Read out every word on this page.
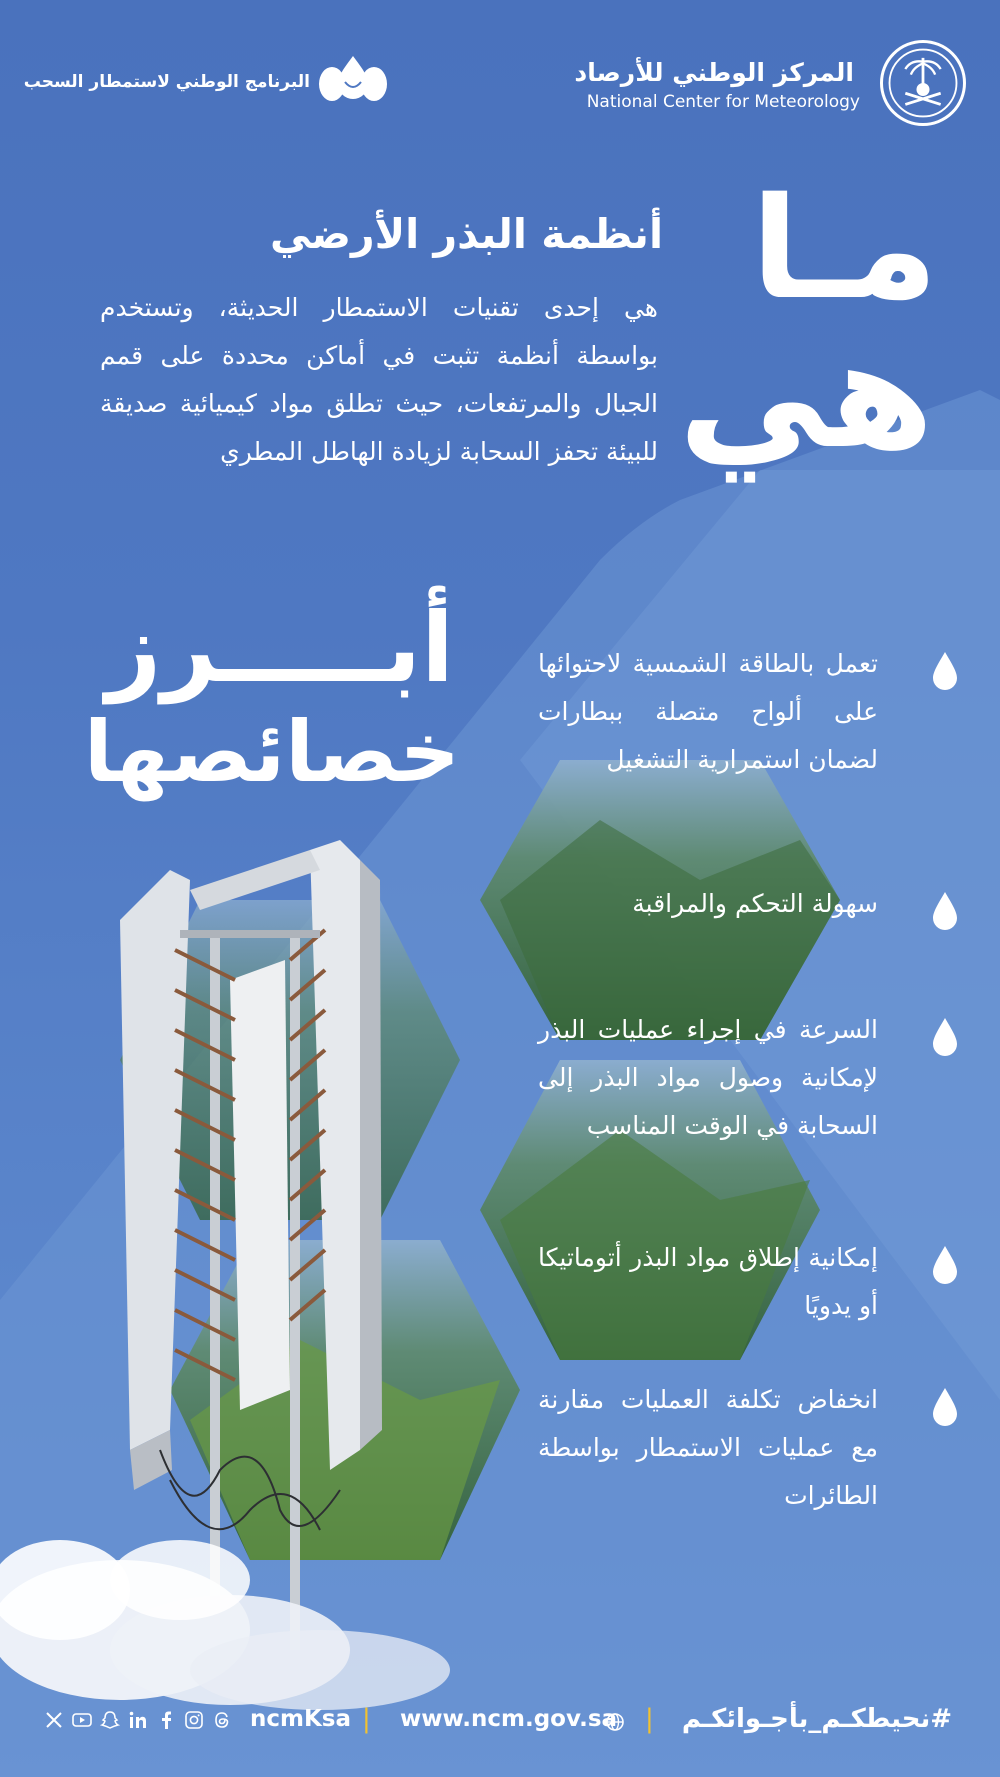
المركز الوطني للأرصاد
National Center for Meteorology
البرنامج الوطني لاستمطار السحب
مـا
هي
أنظمة البذر الأرضي
هي إحدى تقنيات الاستمطار الحديثة، وتستخدم بواسطة أنظمة تثبت في أماكن محددة على قمم الجبال والمرتفعات، حيث تطلق مواد كيميائية صديقة للبيئة تحفز السحابة لزيادة الهاطل المطري
أبـــــرز
خصائصها
تعمل بالطاقة الشمسية لاحتوائها على ألواح متصلة ببطارات لضمان استمرارية التشغيل
سهولة التحكم والمراقبة
السرعة في إجراء عمليات البذر لإمكانية وصول مواد البذر إلى السحابة في الوقت المناسب
إمكانية إطلاق مواد البذر أتوماتيكا أو يدويًا
انخفاض تكلفة العمليات مقارنة مع عمليات الاستمطار بواسطة الطائرات
#نحيطكـم_بأجـوائكـم
|
www.ncm.gov.sa
|
ncmKsa
